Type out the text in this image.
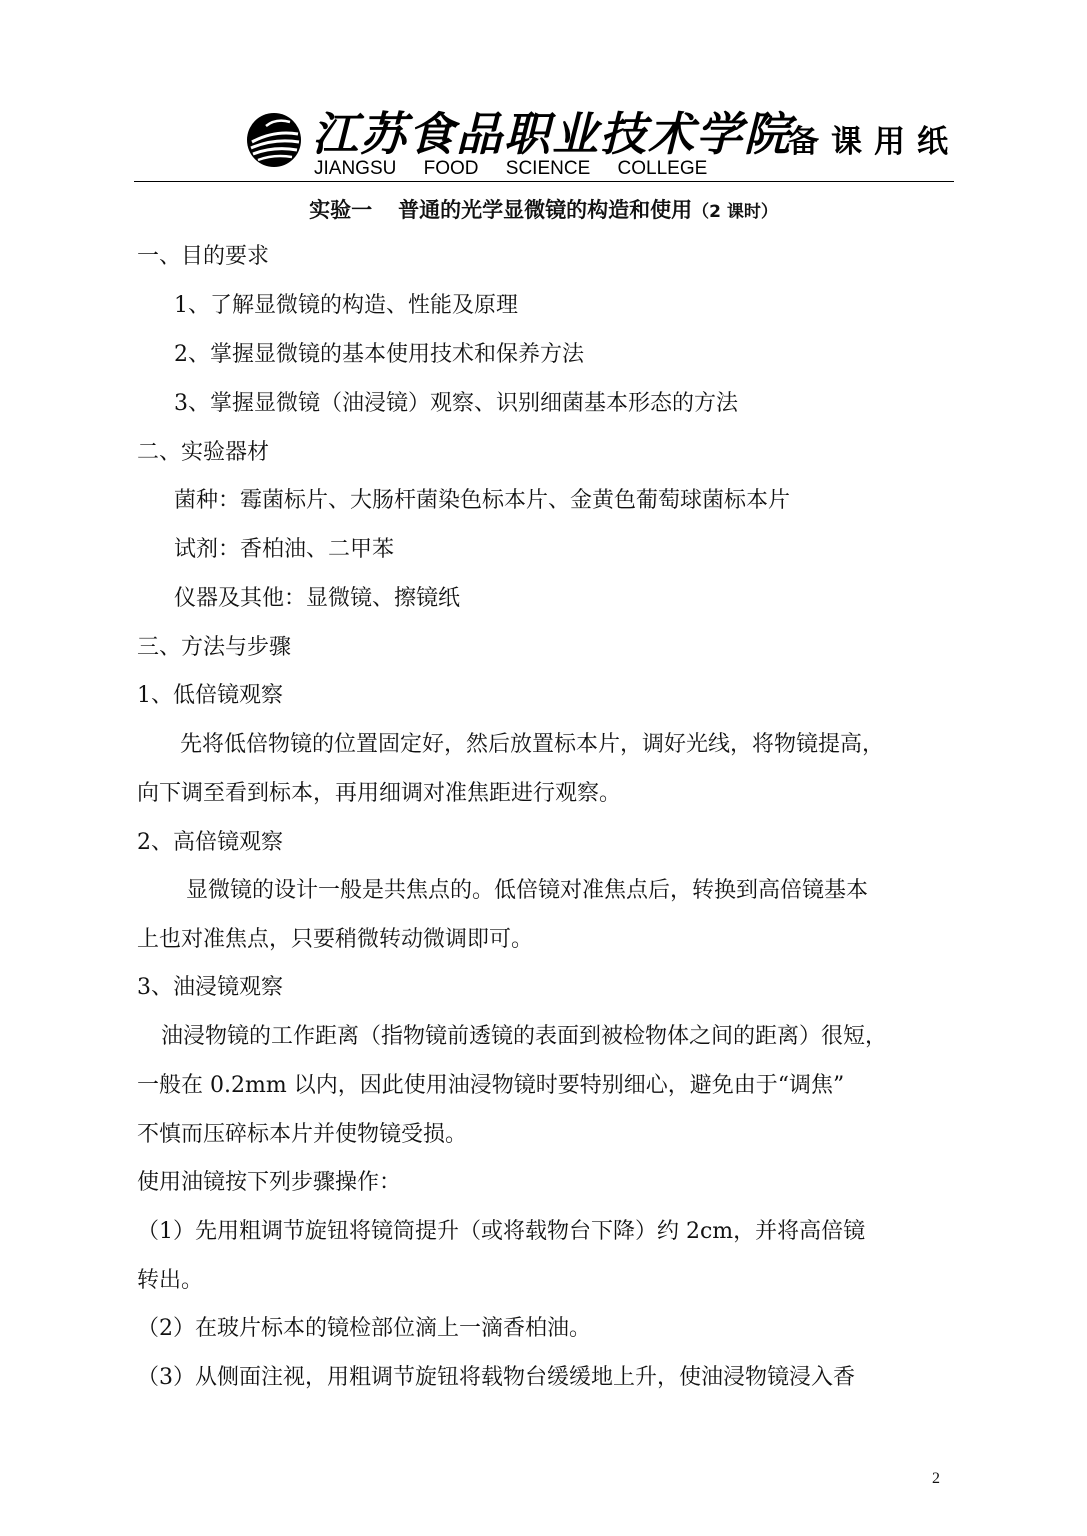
江苏食品职业技术学院
JIANGSU FOOD SCIENCE COLLEGE
备课用纸
实验一 普通的光学显微镜的构造和使用（2 课时）
一、目的要求
1、了解显微镜的构造、性能及原理
2、掌握显微镜的基本使用技术和保养方法
3、掌握显微镜（油浸镜）观察、识别细菌基本形态的方法
二、实验器材
菌种：霉菌标片、大肠杆菌染色标本片、金黄色葡萄球菌标本片
试剂：香柏油、二甲苯
仪器及其他：显微镜、擦镜纸
三、方法与步骤
1、低倍镜观察
先将低倍物镜的位置固定好，然后放置标本片，调好光线，将物镜提高，
向下调至看到标本，再用细调对准焦距进行观察。
2、高倍镜观察
显微镜的设计一般是共焦点的。低倍镜对准焦点后，转换到高倍镜基本
上也对准焦点，只要稍微转动微调即可。
3、油浸镜观察
油浸物镜的工作距离（指物镜前透镜的表面到被检物体之间的距离）很短，
一般在 0.2mm 以内，因此使用油浸物镜时要特别细心，避免由于“调焦”
不慎而压碎标本片并使物镜受损。
使用油镜按下列步骤操作：
（1）先用粗调节旋钮将镜筒提升（或将载物台下降）约 2cm，并将高倍镜
转出。
（2）在玻片标本的镜检部位滴上一滴香柏油。
（3）从侧面注视，用粗调节旋钮将载物台缓缓地上升，使油浸物镜浸入香
2
